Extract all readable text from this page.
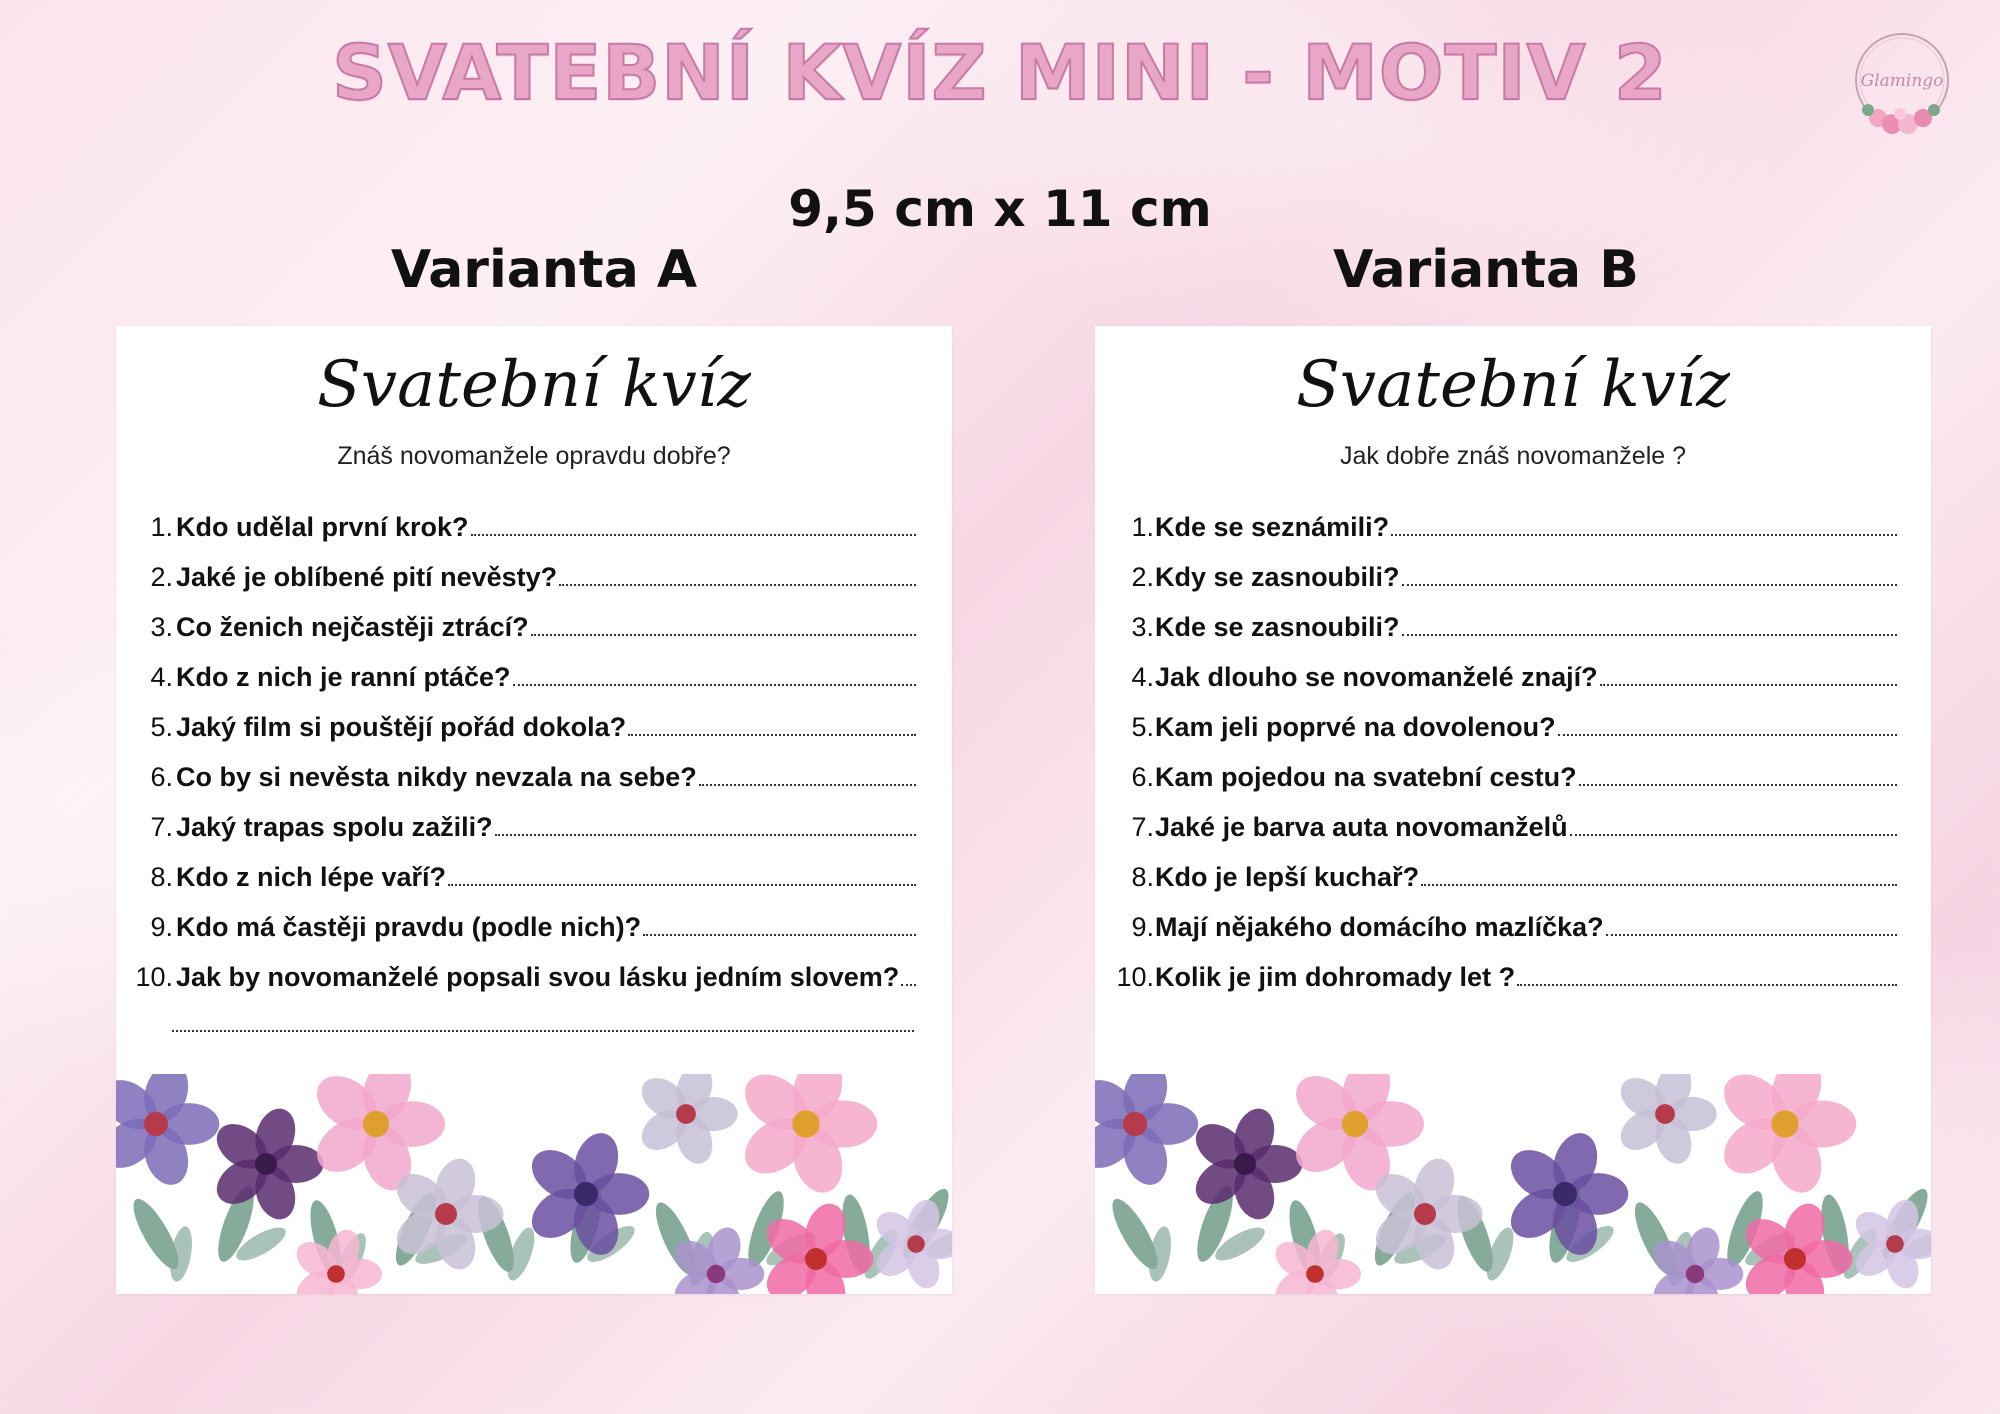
SVATEBNÍ KVÍZ MINI - MOTIV 2	Glamingo
9,5 cm x 11 cm
Varianta A	Varianta B
Svatební kvíz
Znáš novomanžele opravdu dobře?
1. Kdo udělal první krok?
2. Jaké je oblíbené pití nevěsty?
3. Co ženich nejčastěji ztrácí?
4. Kdo z nich je ranní ptáče?
5. Jaký film si pouštějí pořád dokola?
6. Co by si nevěsta nikdy nevzala na sebe?
7. Jaký trapas spolu zažili?
8. Kdo z nich lépe vaří?
9. Kdo má častěji pravdu (podle nich)?
10. Jak by novomanželé popsali svou lásku jedním slovem?
Svatební kvíz
Jak dobře znáš novomanžele ?
1. Kde se seznámili?
2. Kdy se zasnoubili?
3. Kde se zasnoubili?
4. Jak dlouho se novomanželé znají?
5. Kam jeli poprvé na dovolenou?
6. Kam pojedou na svatební cestu?
7. Jaké je barva auta novomanželů
8. Kdo je lepší kuchař?
9. Mají nějakého domácího mazlíčka?
10. Kolik je jim dohromady let ?
